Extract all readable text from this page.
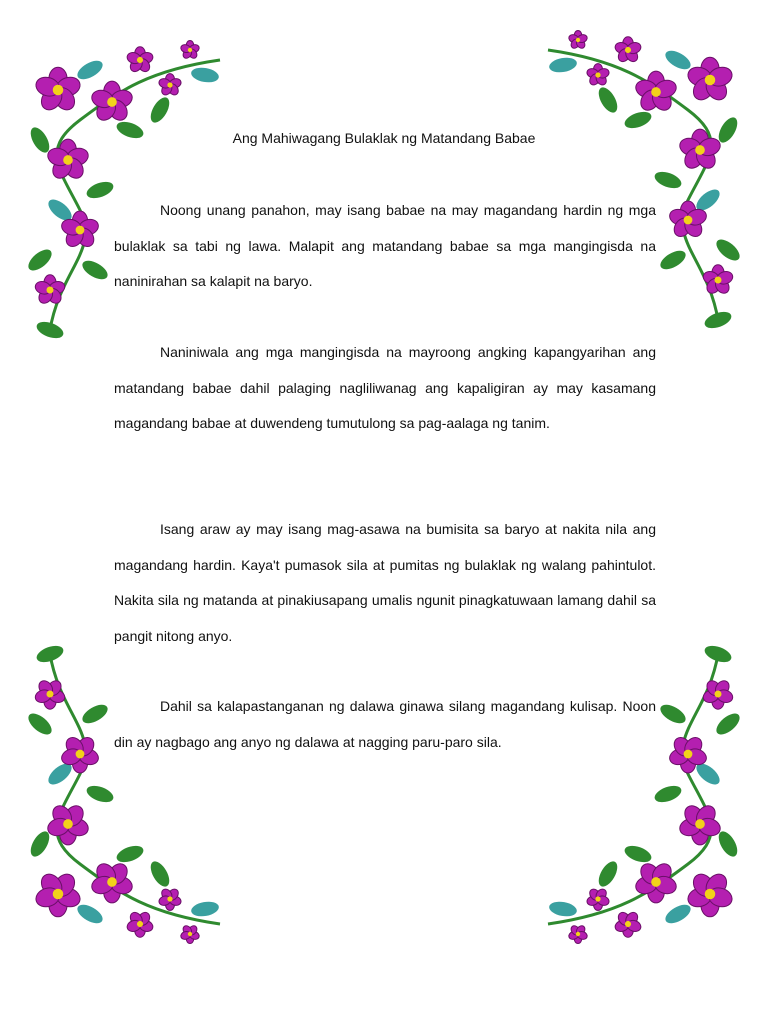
Ang Mahiwagang Bulaklak ng Matandang Babae

Noong unang panahon, may isang babae na may magandang hardin ng mga bulaklak sa tabi ng lawa. Malapit ang matandang babae sa mga mangingisda na naninirahan sa kalapit na baryo.

Naniniwala ang mga mangingisda na mayroong angking kapangyarihan ang matandang babae dahil palaging nagliliwanag ang kapaligiran ay may kasamang magandang babae at duwendeng tumutulong sa pag-aalaga ng tanim.

Isang araw ay may isang mag-asawa na bumisita sa baryo at nakita nila ang magandang hardin. Kaya't pumasok sila at pumitas ng bulaklak ng walang pahintulot. Nakita sila ng matanda at pinakiusapang umalis ngunit pinagkatuwaan lamang dahil sa pangit nitong anyo.

Dahil sa kalapastanganan ng dalawa ginawa silang magandang kulisap. Noon din ay nagbago ang anyo ng dalawa at nagging paru-paro sila.
